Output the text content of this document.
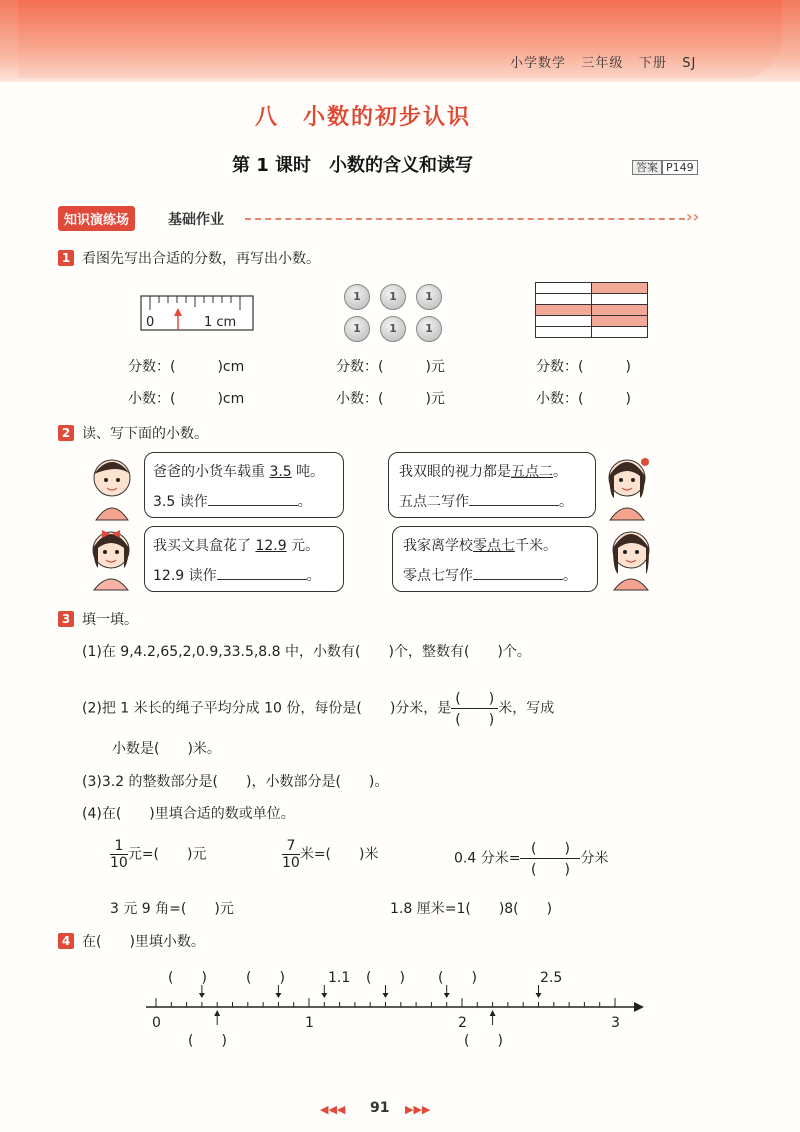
小学数学 三年级 下册 SJ
八　小数的初步认识
第 1 课时　小数的含义和读写	答案 P149
知识演练场	基础作业	››
1 看图先写出合适的分数，再写出小数。
0	1 cm
1	1	1
1	1	1
分数：(　　　)cm
小数：(　　　)cm
分数：(　　　)元
小数：(　　　)元
分数：(　　　)
小数：(　　　)
2 读、写下面的小数。
爸爸的小货车载重 3.5 吨。
3.5 读作	。
我双眼的视力都是五点二。
五点二写作	。
我买文具盒花了 12.9 元。
12.9 读作	。
我家离学校零点七千米。
零点七写作	。
3 填一填。
(1)在 9,4.2,65,2,0.9,33.5,8.8 中，小数有(　　)个，整数有(　　)个。
(2)把 1 米长的绳子平均分成 10 份，每份是(　　)分米，是 $\frac{( )}{( )}$ 米，写成
小数是(　　)米。
(3)3.2 的整数部分是(　　)，小数部分是(　　)。
(4)在(　　)里填合适的数或单位。
$\frac{1}{10}$ 元=(　　)元	$\frac{7}{10}$ 米=(　　)米	0.4 分米= $\frac{( )}{( )}$ 分米
3 元 9 角=(　　)元	1.8 厘米=1(　　)8(　　)
4 在(　　)里填小数。
0	1	2	3
(　　)	(　　)	1.1 (　　) (　　)	2.5
(　　)	(　　)
◀◀◀ 91 ▶▶▶
